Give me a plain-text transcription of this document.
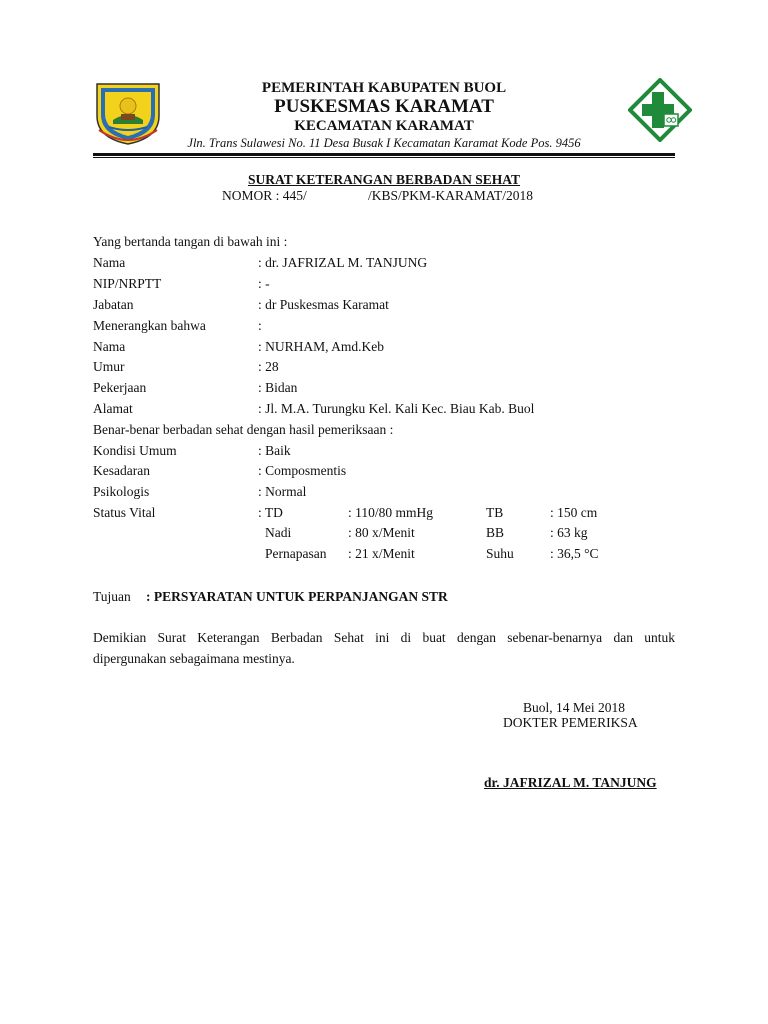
PEMERINTAH KABUPATEN BUOL
PUSKESMAS KARAMAT
KECAMATAN KARAMAT
Jln. Trans Sulawesi No. 11 Desa Busak I Kecamatan Karamat Kode Pos. 9456
SURAT KETERANGAN BERBADAN SEHAT
NOMOR : 445/	/KBS/PKM-KARAMAT/2018
Yang bertanda tangan di bawah ini :
Nama	: dr. JAFRIZAL M. TANJUNG
NIP/NRPTT	: -
Jabatan	: dr Puskesmas Karamat
Menerangkan bahwa	:
Nama	: NURHAM, Amd.Keb
Umur	: 28
Pekerjaan	: Bidan
Alamat	: Jl. M.A. Turungku Kel. Kali Kec. Biau Kab. Buol
Benar-benar berbadan sehat dengan hasil pemeriksaan :
Kondisi Umum	: Baik
Kesadaran	: Composmentis
Psikologis	: Normal
Status Vital	: TD	: 110/80 mmHg	TB	: 150 cm
Nadi	: 80 x/Menit	BB	: 63 kg
Pernapasan : 21 x/Menit	Suhu	: 36,5 °C
Tujuan : PERSYARATAN UNTUK PERPANJANGAN STR
Demikian Surat Keterangan Berbadan Sehat ini di buat dengan sebenar-benarnya dan untuk
dipergunakan sebagaimana mestinya.
Buol, 14 Mei 2018
DOKTER PEMERIKSA
dr. JAFRIZAL M. TANJUNG
